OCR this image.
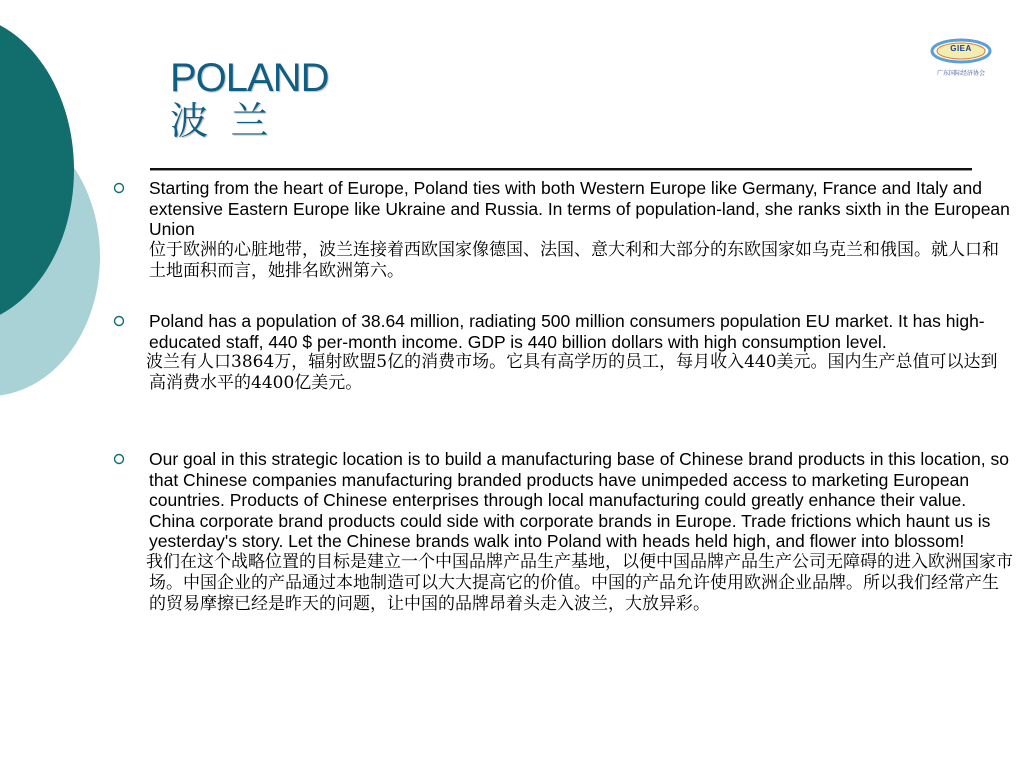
POLAND
波 兰
GIEA
广东国际经济协会
Starting from the heart of Europe, Poland ties with both Western Europe like Germany, France and Italy and extensive Eastern Europe like Ukraine and Russia. In terms of population-land, she ranks sixth in the European Union
位于欧洲的心脏地带，波兰连接着西欧国家像德国、法国、意大利和大部分的东欧国家如乌克兰和俄国。就人口和土地面积而言，她排名欧洲第六。
Poland has a population of 38.64 million, radiating 500 million consumers population EU market. It has high-educated staff, 440 $ per-month income. GDP is 440 billion dollars with high consumption level.
波兰有人口3864万，辐射欧盟5亿的消费市场。它具有高学历的员工，每月收入440美元。国内生产总值可以达到高消费水平的4400亿美元。
Our goal in this strategic location is to build a manufacturing base of Chinese brand products in this location, so that Chinese companies manufacturing branded products have unimpeded access to marketing European countries. Products of Chinese enterprises through local manufacturing could greatly enhance their value. China corporate brand products could side with corporate brands in Europe. Trade frictions which haunt us is yesterday's story. Let the Chinese brands walk into Poland with heads held high, and flower into blossom!
我们在这个战略位置的目标是建立一个中国品牌产品生产基地，以便中国品牌产品生产公司无障碍的进入欧洲国家市场。中国企业的产品通过本地制造可以大大提高它的价值。中国的产品允许使用欧洲企业品牌。所以我们经常产生的贸易摩擦已经是昨天的问题，让中国的品牌昂着头走入波兰，大放异彩。
